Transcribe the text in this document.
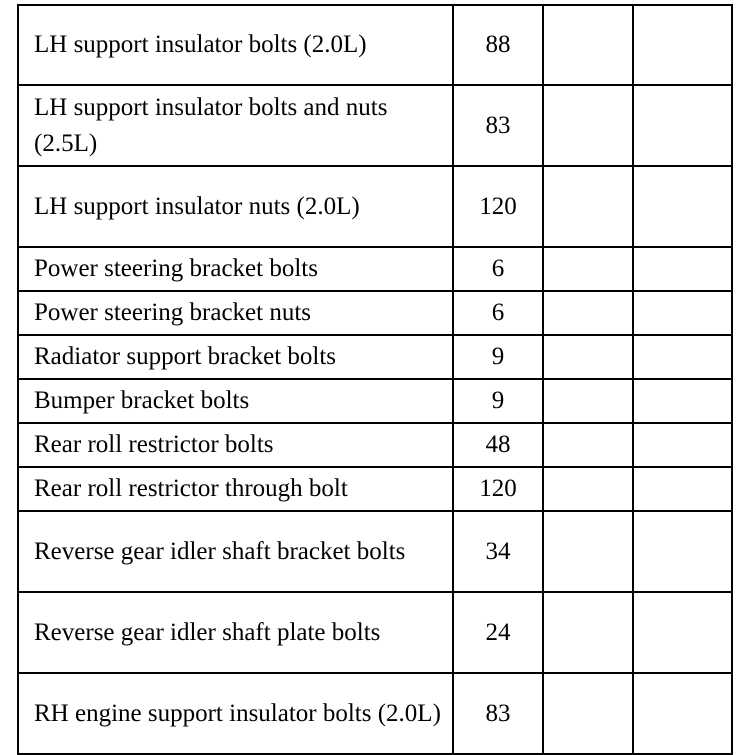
LH support insulator bolts (2.0L)	88		
LH support insulator bolts and nuts (2.5L)	83		
LH support insulator nuts (2.0L)	120		
Power steering bracket bolts	6		
Power steering bracket nuts	6		
Radiator support bracket bolts	9		
Bumper bracket bolts	9		
Rear roll restrictor bolts	48		
Rear roll restrictor through bolt	120		
Reverse gear idler shaft bracket bolts	34		
Reverse gear idler shaft plate bolts	24		
RH engine support insulator bolts (2.0L)	83		
